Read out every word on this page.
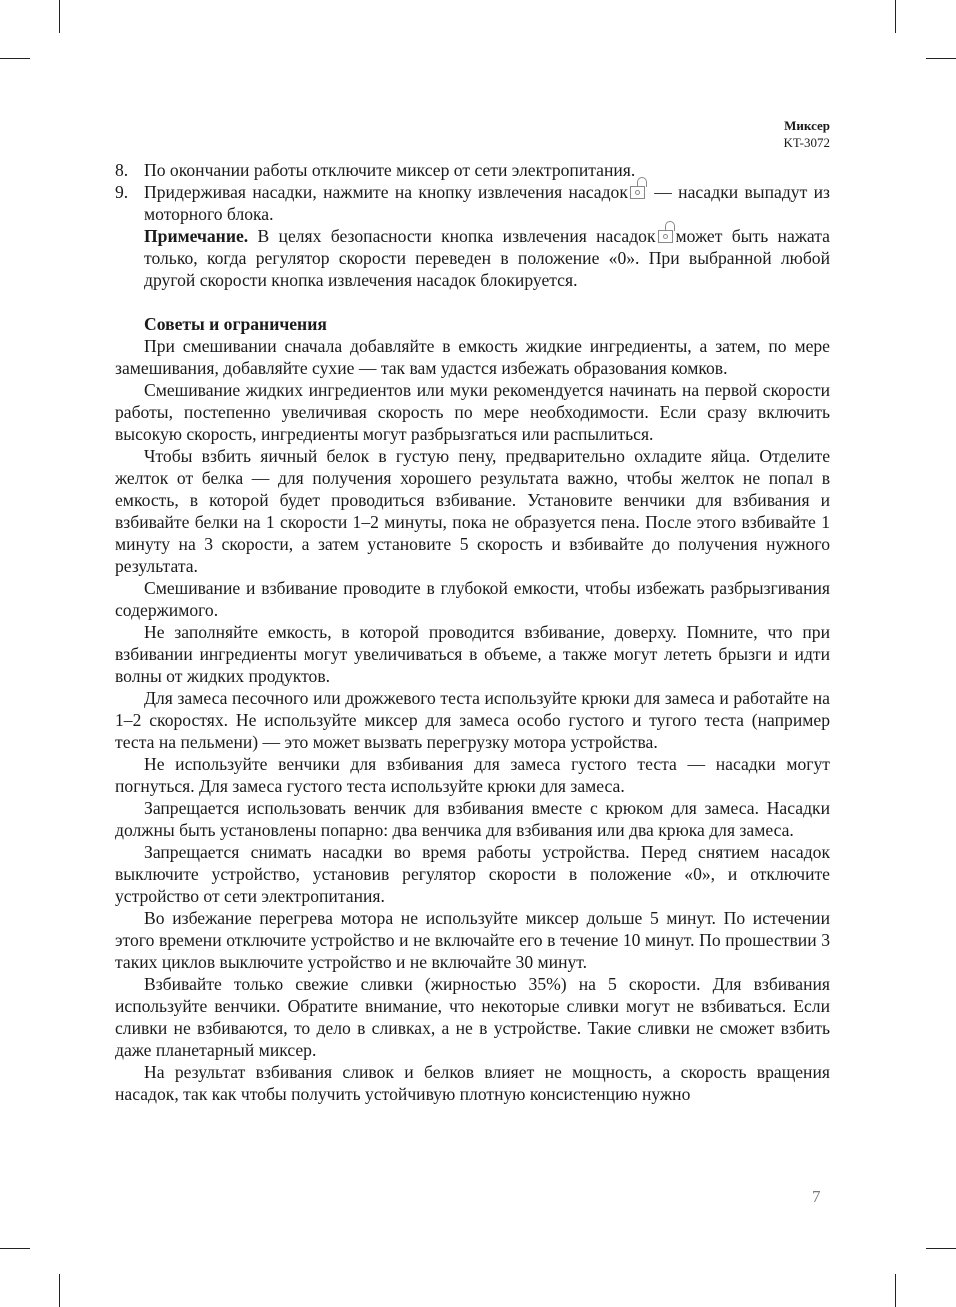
Миксер
KT-3072
8. По окончании работы отключите миксер от сети электропитания.
9. Придерживая насадки, нажмите на кнопку извлечения насадок — насадки выпадут из моторного блока.
Примечание. В целях безопасности кнопка извлечения насадок может быть нажата только, когда регулятор скорости переведен в положение «0». При выбранной любой другой скорости кнопка извлечения насадок блокируется.
Советы и ограничения

При смешивании сначала добавляйте в емкость жидкие ингредиенты, а затем, по мере замешивания, добавляйте сухие — так вам удастся избежать образования комков.

Смешивание жидких ингредиентов или муки рекомендуется начинать на первой скорости работы, постепенно увеличивая скорость по мере необходимости. Если сразу включить высокую скорость, ингредиенты могут разбрызгаться или распылиться.

Чтобы взбить яичный белок в густую пену, предварительно охладите яйца. Отделите желток от белка — для получения хорошего результата важно, чтобы желток не попал в емкость, в которой будет проводиться взбивание. Установите венчики для взбивания и взбивайте белки на 1 скорости 1–2 минуты, пока не образуется пена. После этого взбивайте 1 минуту на 3 скорости, а затем установите 5 скорость и взбивайте до получения нужного результата.

Смешивание и взбивание проводите в глубокой емкости, чтобы избежать разбрызгивания содержимого.

Не заполняйте емкость, в которой проводится взбивание, доверху. Помните, что при взбивании ингредиенты могут увеличиваться в объеме, а также могут лететь брызги и идти волны от жидких продуктов.

Для замеса песочного или дрожжевого теста используйте крюки для замеса и работайте на 1–2 скоростях. Не используйте миксер для замеса особо густого и тугого теста (например теста на пельмени) — это может вызвать перегрузку мотора устройства.

Не используйте венчики для взбивания для замеса густого теста — насадки могут погнуться. Для замеса густого теста используйте крюки для замеса.

Запрещается использовать венчик для взбивания вместе с крюком для замеса. Насадки должны быть установлены попарно: два венчика для взбивания или два крюка для замеса.

Запрещается снимать насадки во время работы устройства. Перед снятием насадок выключите устройство, установив регулятор скорости в положение «0», и отключите устройство от сети электропитания.

Во избежание перегрева мотора не используйте миксер дольше 5 минут. По истечении этого времени отключите устройство и не включайте его в течение 10 минут. По прошествии 3 таких циклов выключите устройство и не включайте 30 минут.

Взбивайте только свежие сливки (жирностью 35%) на 5 скорости. Для взбивания используйте венчики. Обратите внимание, что некоторые сливки могут не взбиваться. Если сливки не взбиваются, то дело в сливках, а не в устройстве. Такие сливки не сможет взбить даже планетарный миксер.

На результат взбивания сливок и белков влияет не мощность, а скорость вращения насадок, так как чтобы получить устойчивую плотную консистенцию нужно

7
